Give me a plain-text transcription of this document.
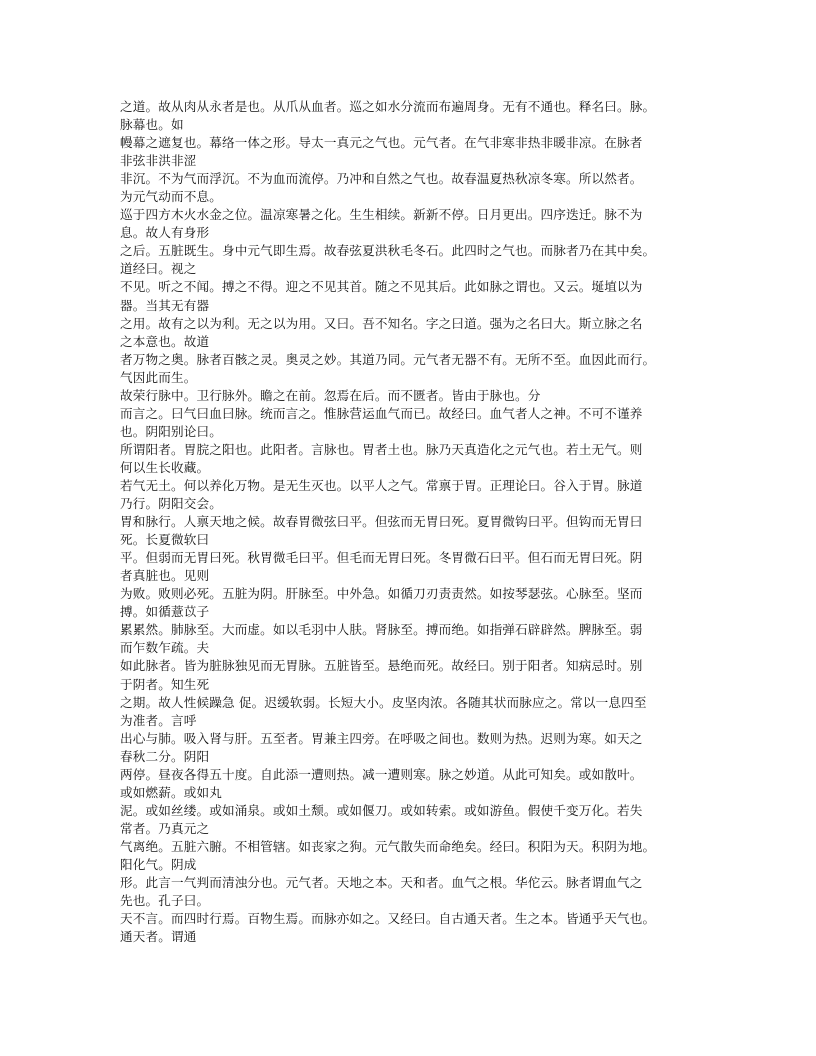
之道。故从肉从永者是也。从爪从血者。巡之如水分流而布遍周身。无有不通也。释名曰。脉。
脉幕也。如
幔幕之遮复也。幕络一体之形。导太一真元之气也。元气者。在气非寒非热非暖非凉。在脉者
非弦非洪非涩
非沉。不为气而浮沉。不为血而流停。乃冲和自然之气也。故春温夏热秋凉冬寒。所以然者。
为元气动而不息。
巡于四方木火水金之位。温凉寒暑之化。生生相续。新新不停。日月更出。四序迭迁。脉不为
息。故人有身形
之后。五脏既生。身中元气即生焉。故春弦夏洪秋毛冬石。此四时之气也。而脉者乃在其中矣。
道经曰。视之
不见。听之不闻。搏之不得。迎之不见其首。随之不见其后。此如脉之谓也。又云。埏埴以为
器。当其无有器
之用。故有之以为利。无之以为用。又曰。吾不知名。字之曰道。强为之名曰大。斯立脉之名
之本意也。故道
者万物之奥。脉者百骸之灵。奥灵之妙。其道乃同。元气者无器不有。无所不至。血因此而行。
气因此而生。
故荣行脉中。卫行脉外。瞻之在前。忽焉在后。而不匮者。皆由于脉也。分
而言之。曰气曰血曰脉。统而言之。惟脉营运血气而已。故经曰。血气者人之神。不可不谨养
也。阴阳别论曰。
所谓阳者。胃脘之阳也。此阳者。言脉也。胃者土也。脉乃天真造化之元气也。若土无气。则
何以生长收藏。
若气无土。何以养化万物。是无生灭也。以平人之气。常禀于胃。正理论曰。谷入于胃。脉道
乃行。阴阳交会。
胃和脉行。人禀天地之候。故春胃微弦曰平。但弦而无胃曰死。夏胃微钩曰平。但钩而无胃曰
死。长夏微软曰
平。但弱而无胃曰死。秋胃微毛曰平。但毛而无胃曰死。冬胃微石曰平。但石而无胃曰死。阴
者真脏也。见则
为败。败则必死。五脏为阴。肝脉至。中外急。如循刀刃责责然。如按琴瑟弦。心脉至。坚而
搏。如循薏苡子
累累然。肺脉至。大而虚。如以毛羽中人肤。肾脉至。搏而绝。如指弹石辟辟然。脾脉至。弱
而乍数乍疏。夫
如此脉者。皆为脏脉独见而无胃脉。五脏皆至。悬绝而死。故经曰。别于阳者。知病忌时。别
于阴者。知生死
之期。故人性候躁急 促。迟缓软弱。长短大小。皮坚肉浓。各随其状而脉应之。常以一息四至
为准者。言呼
出心与肺。吸入肾与肝。五至者。胃兼主四旁。在呼吸之间也。数则为热。迟则为寒。如天之
春秋二分。阴阳
两停。昼夜各得五十度。自此添一遭则热。减一遭则寒。脉之妙道。从此可知矣。或如散叶。
或如燃薪。或如丸
泥。或如丝缕。或如涌泉。或如土颓。或如偃刀。或如转索。或如游鱼。假使千变万化。若失
常者。乃真元之
气离绝。五脏六腑。不相管辖。如丧家之狗。元气散失而命绝矣。经曰。积阳为天。积阴为地。
阳化气。阴成
形。此言一气判而清浊分也。元气者。天地之本。天和者。血气之根。华佗云。脉者谓血气之
先也。孔子曰。
天不言。而四时行焉。百物生焉。而脉亦如之。又经曰。自古通天者。生之本。皆通乎天气也。
通天者。谓通
